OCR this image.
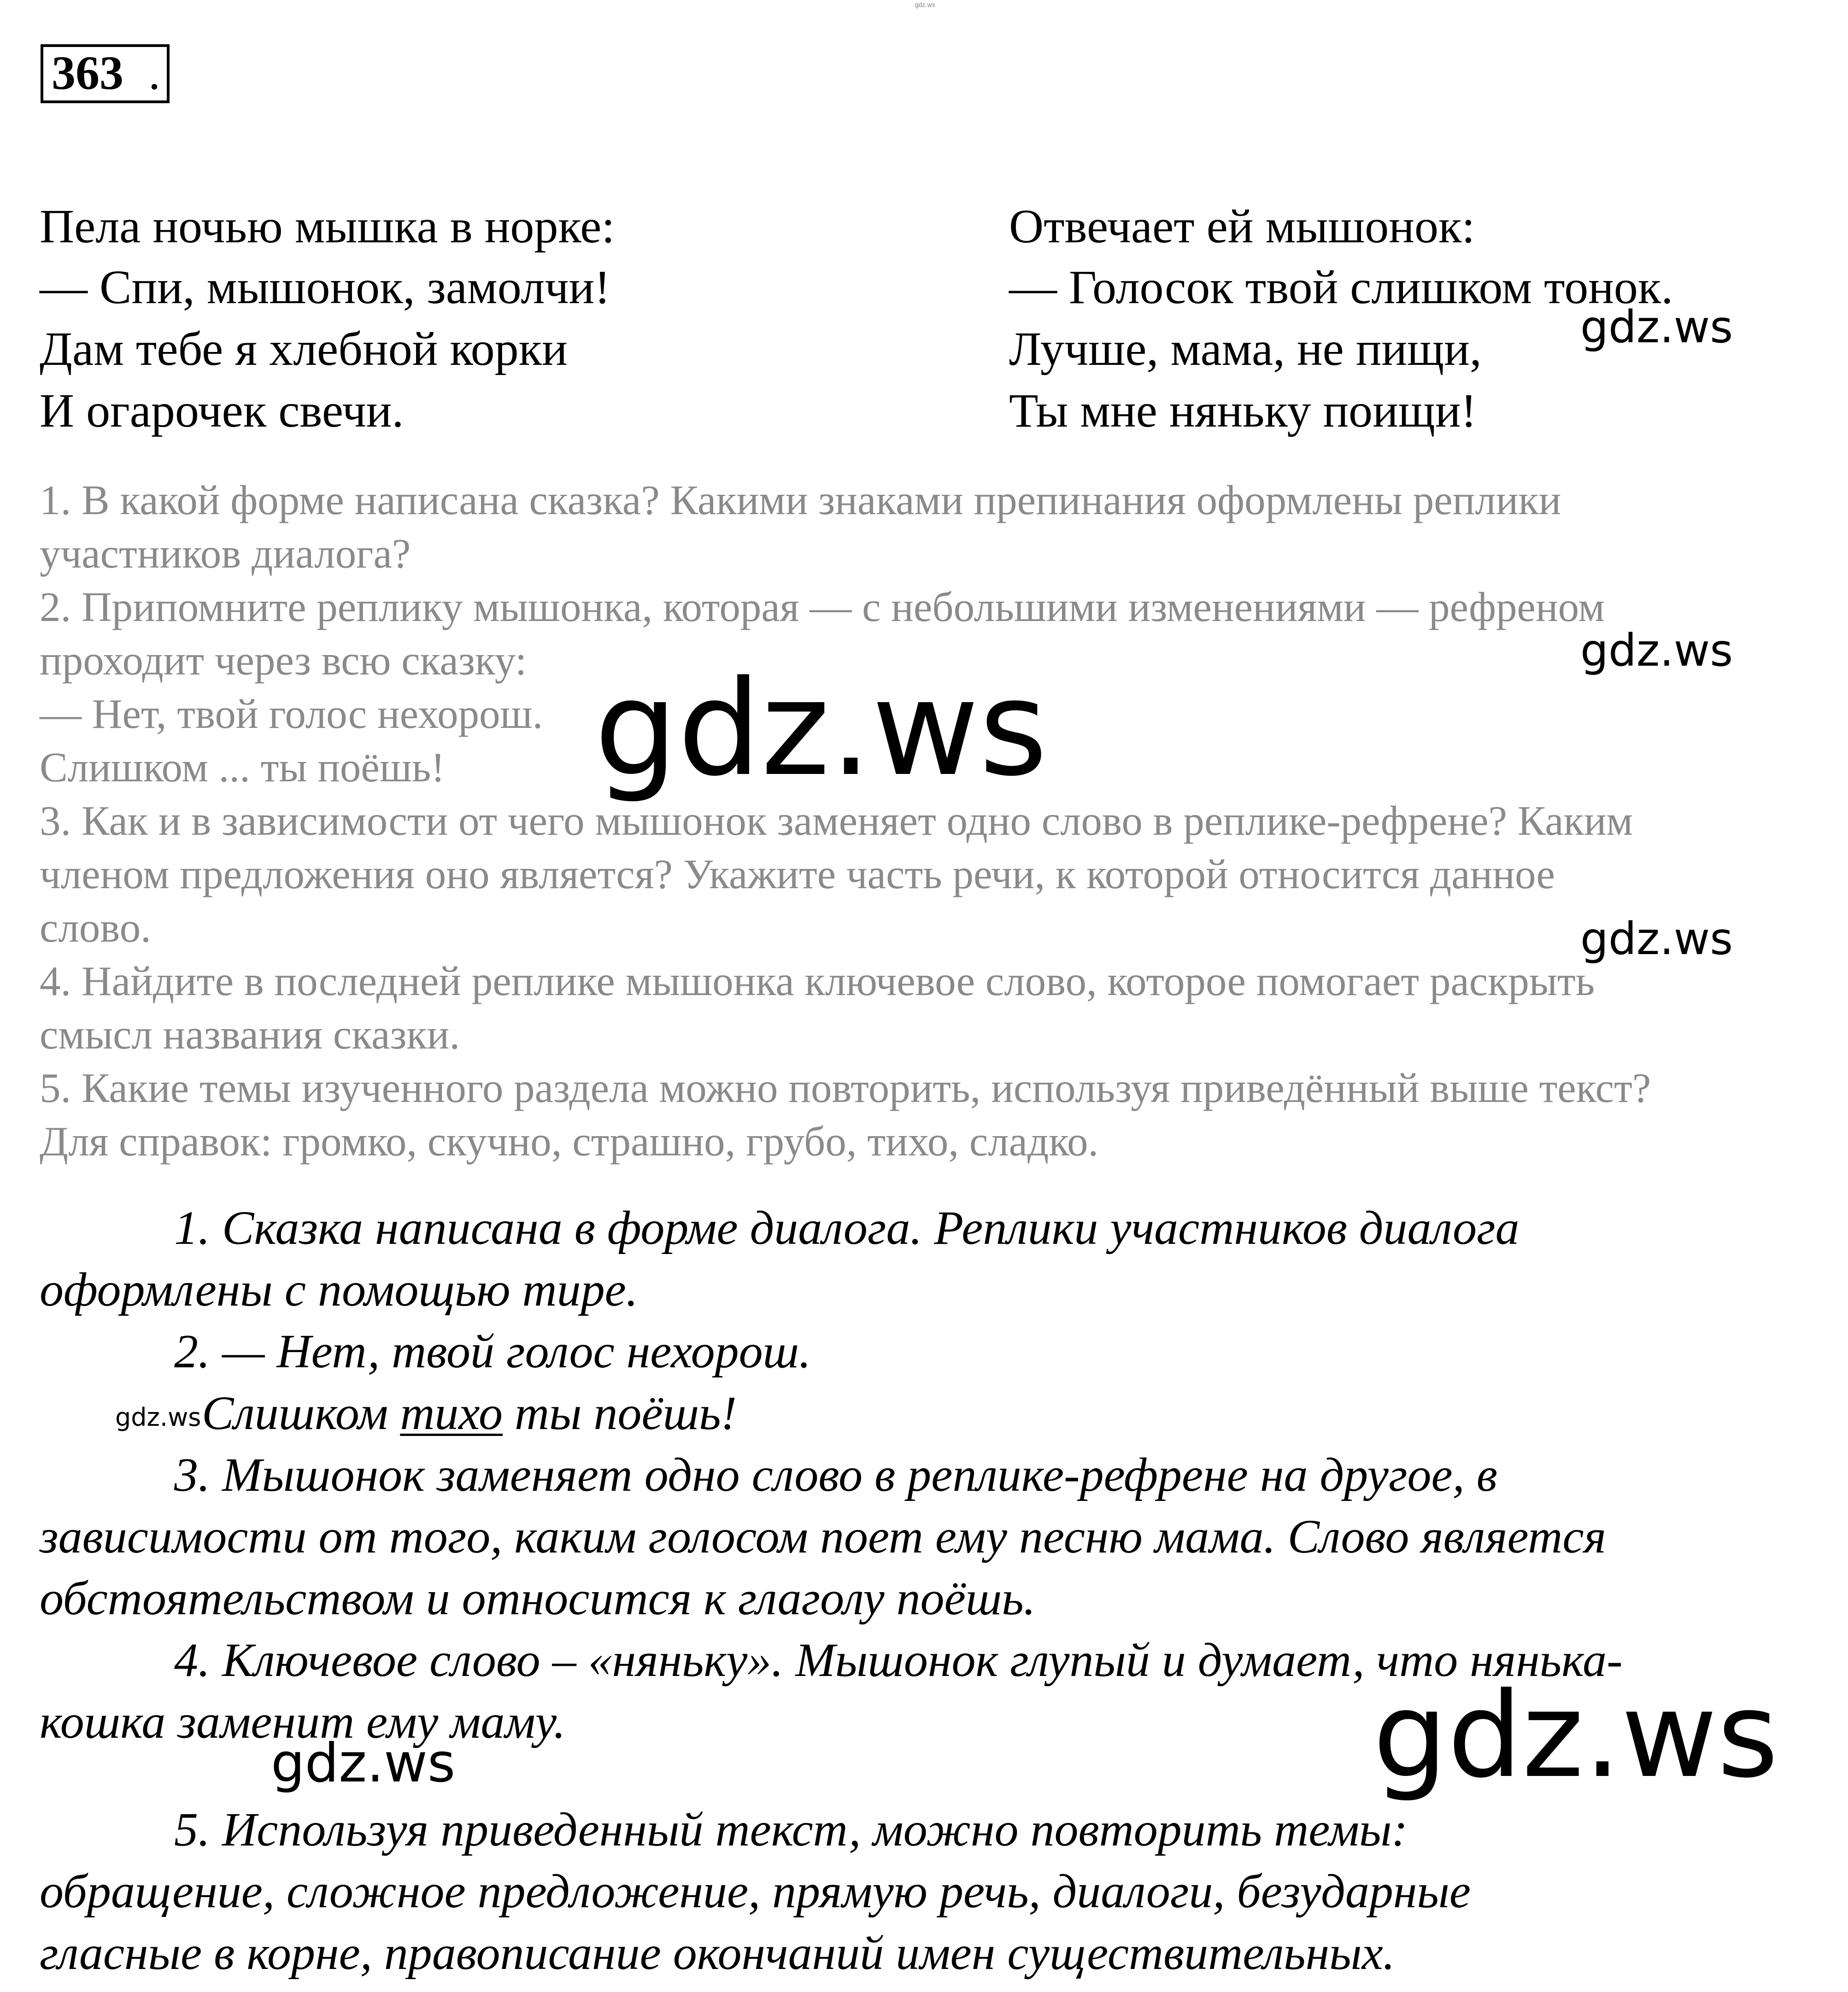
gdz.ws
363 .
Пела ночью мышка в норке:
— Спи, мышонок, замолчи!
Дам тебе я хлебной корки
И огарочек свечи.
Отвечает ей мышонок:
— Голосок твой слишком тонок.
Лучше, мама, не пищи,
Ты мне няньку поищи!
1. В какой форме написана сказка? Какими знаками препинания оформлены реплики
участников диалога?
2. Припомните реплику мышонка, которая — с небольшими изменениями — рефреном
проходит через всю сказку:
— Нет, твой голос нехорош.
Слишком ... ты поёшь!
3. Как и в зависимости от чего мышонок заменяет одно слово в реплике-рефрене? Каким
членом предложения оно является? Укажите часть речи, к которой относится данное
слово.
4. Найдите в последней реплике мышонка ключевое слово, которое помогает раскрыть
смысл названия сказки.
5. Какие темы изученного раздела можно повторить, используя приведённый выше текст?
Для справок: громко, скучно, страшно, грубо, тихо, сладко.
1. Сказка написана в форме диалога. Реплики участников диалога
оформлены с помощью тире.
2. — Нет, твой голос нехорош.
Слишком тихо ты поёшь!
3. Мышонок заменяет одно слово в реплике-рефрене на другое, в
зависимости от того, каким голосом поет ему песню мама. Слово является
обстоятельством и относится к глаголу поёшь.
4. Ключевое слово – «няньку». Мышонок глупый и думает, что нянька-
кошка заменит ему маму.
5. Используя приведенный текст, можно повторить темы:
обращение, сложное предложение, прямую речь, диалоги, безударные
гласные в корне, правописание окончаний имен существительных.
gdz.ws
gdz.ws
gdz.ws
gdz.ws
gdz.ws
gdz.ws
gdz.ws
